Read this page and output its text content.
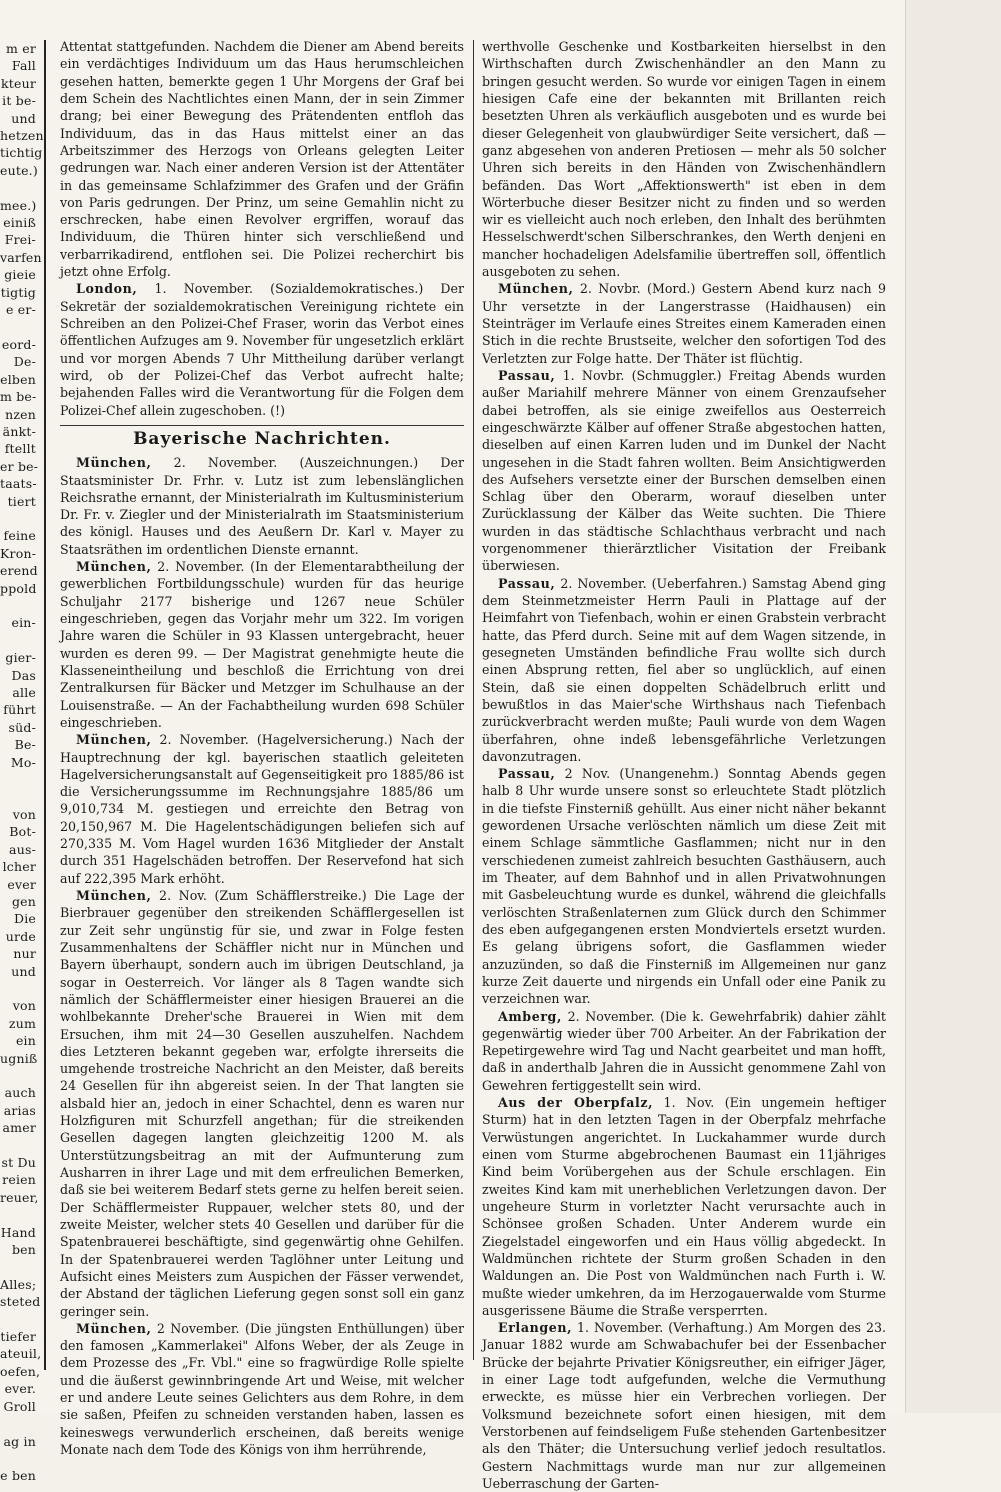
m er
Fall
kteur
it be-
und
hetzen
tichtig
eute.)

mee.)
einiß
Frei-
varfen
gieie
tigtig
e er-

eord-
De-
elben
m be-
nzen
änkt-
ftellt
er be-
taats-
tiert

feine
Kron-
erend
ppold

ein-

gier-
Das
alle
führt
süd-
Be-
Mo-

von
Bot-
aus-
lcher
ever
gen
Die
urde
nur
und

von
zum
ein
ugniß

auch
arias
amer

st Du
reien
reuer,

Hand
ben

Alles;
steted

tiefer
ateuil,
oefen,
ever.
Groll

ag in

e ben

Attentat stattgefunden. Nachdem die Diener am Abend bereits ein verdächtiges Individuum um das Haus herumschleichen gesehen hatten, bemerkte gegen 1 Uhr Morgens der Graf bei dem Schein des Nachtlichtes einen Mann, der in sein Zimmer drang; bei einer Bewegung des Prätendenten entfloh das Individuum, das in das Haus mittelst einer an das Arbeitszimmer des Herzogs von Orleans gelegten Leiter gedrungen war. Nach einer anderen Version ist der Attentäter in das gemeinsame Schlafzimmer des Grafen und der Gräfin von Paris gedrungen. Der Prinz, um seine Gemahlin nicht zu erschrecken, habe einen Revolver ergriffen, worauf das Individuum, die Thüren hinter sich verschließend und verbarrikadirend, entflohen sei. Die Polizei recherchirt bis jetzt ohne Erfolg.

London, 1. November. (Sozialdemokratisches.) Der Sekretär der sozialdemokratischen Vereinigung richtete ein Schreiben an den Polizei-Chef Fraser, worin das Verbot eines öffentlichen Aufzuges am 9. November für ungesetzlich erklärt und vor morgen Abends 7 Uhr Mittheilung darüber verlangt wird, ob der Polizei-Chef das Verbot aufrecht halte; bejahenden Falles wird die Verantwortung für die Folgen dem Polizei-Chef allein zugeschoben. (!)

Bayerische Nachrichten.

München, 2. November. (Auszeichnungen.) Der Staatsminister Dr. Frhr. v. Lutz ist zum lebenslänglichen Reichsrathe ernannt, der Ministerialrath im Kultusministerium Dr. Fr. v. Ziegler und der Ministerialrath im Staatsministerium des königl. Hauses und des Aeußern Dr. Karl v. Mayer zu Staatsräthen im ordentlichen Dienste ernannt.

München, 2. November. (In der Elementarabtheilung der gewerblichen Fortbildungsschule) wurden für das heurige Schuljahr 2177 bisherige und 1267 neue Schüler eingeschrieben, gegen das Vorjahr mehr um 322. Im vorigen Jahre waren die Schüler in 93 Klassen untergebracht, heuer wurden es deren 99. — Der Magistrat genehmigte heute die Klasseneintheilung und beschloß die Errichtung von drei Zentralkursen für Bäcker und Metzger im Schulhause an der Louisenstraße. — An der Fachabtheilung wurden 698 Schüler eingeschrieben.

München, 2. November. (Hagelversicherung.) Nach der Hauptrechnung der kgl. bayerischen staatlich geleiteten Hagelversicherungsanstalt auf Gegenseitigkeit pro 1885/86 ist die Versicherungssumme im Rechnungsjahre 1885/86 um 9,010,734 M. gestiegen und erreichte den Betrag von 20,150,967 M. Die Hagelentschädigungen beliefen sich auf 270,335 M. Vom Hagel wurden 1636 Mitglieder der Anstalt durch 351 Hagelschäden betroffen. Der Reservefond hat sich auf 222,395 Mark erhöht.

München, 2. Nov. (Zum Schäfflerstreike.) Die Lage der Bierbrauer gegenüber den streikenden Schäfflergesellen ist zur Zeit sehr ungünstig für sie, und zwar in Folge festen Zusammenhaltens der Schäffler nicht nur in München und Bayern überhaupt, sondern auch im übrigen Deutschland, ja sogar in Oesterreich. Vor länger als 8 Tagen wandte sich nämlich der Schäfflermeister einer hiesigen Brauerei an die wohlbekannte Dreher'sche Brauerei in Wien mit dem Ersuchen, ihm mit 24—30 Gesellen auszuhelfen. Nachdem dies Letzteren bekannt gegeben war, erfolgte ihrerseits die umgehende trostreiche Nachricht an den Meister, daß bereits 24 Gesellen für ihn abgereist seien. In der That langten sie alsbald hier an, jedoch in einer Schachtel, denn es waren nur Holzfiguren mit Schurzfell angethan; für die streikenden Gesellen dagegen langten gleichzeitig 1200 M. als Unterstützungsbeitrag an mit der Aufmunterung zum Ausharren in ihrer Lage und mit dem erfreulichen Bemerken, daß sie bei weiterem Bedarf stets gerne zu helfen bereit seien. Der Schäfflermeister Ruppauer, welcher stets 80, und der zweite Meister, welcher stets 40 Gesellen und darüber für die Spatenbrauerei beschäftigte, sind gegenwärtig ohne Gehilfen. In der Spatenbrauerei werden Taglöhner unter Leitung und Aufsicht eines Meisters zum Auspichen der Fässer verwendet, der Abstand der täglichen Lieferung gegen sonst soll ein ganz geringer sein.

München, 2 November. (Die jüngsten Enthüllungen) über den famosen „Kammerlakei" Alfons Weber, der als Zeuge in dem Prozesse des „Fr. Vbl." eine so fragwürdige Rolle spielte und die äußerst gewinnbringende Art und Weise, mit welcher er und andere Leute seines Gelichters aus dem Rohre, in dem sie saßen, Pfeifen zu schneiden verstanden haben, lassen es keineswegs verwunderlich erscheinen, daß bereits wenige Monate nach dem Tode des Königs von ihm herrührende,

werthvolle Geschenke und Kostbarkeiten hierselbst in den Wirthschaften durch Zwischenhändler an den Mann zu bringen gesucht werden. So wurde vor einigen Tagen in einem hiesigen Cafe eine der bekannten mit Brillanten reich besetzten Uhren als verkäuflich ausgeboten und es wurde bei dieser Gelegenheit von glaubwürdiger Seite versichert, daß — ganz abgesehen von anderen Pretiosen — mehr als 50 solcher Uhren sich bereits in den Händen von Zwischenhändlern befänden. Das Wort „Affektionswerth" ist eben in dem Wörterbuche dieser Besitzer nicht zu finden und so werden wir es vielleicht auch noch erleben, den Inhalt des berühmten Hesselschwerdt'schen Silberschrankes, den Werth denjeni en mancher hochadeligen Adelsfamilie übertreffen soll, öffentlich ausgeboten zu sehen.

München, 2. Novbr. (Mord.) Gestern Abend kurz nach 9 Uhr versetzte in der Langerstrasse (Haidhausen) ein Steinträger im Verlaufe eines Streites einem Kameraden einen Stich in die rechte Brustseite, welcher den sofortigen Tod des Verletzten zur Folge hatte. Der Thäter ist flüchtig.

Passau, 1. Novbr. (Schmuggler.) Freitag Abends wurden außer Mariahilf mehrere Männer von einem Grenzaufseher dabei betroffen, als sie einige zweifellos aus Oesterreich eingeschwärzte Kälber auf offener Straße abgestochen hatten, dieselben auf einen Karren luden und im Dunkel der Nacht ungesehen in die Stadt fahren wollten. Beim Ansichtigwerden des Aufsehers versetzte einer der Burschen demselben einen Schlag über den Oberarm, worauf dieselben unter Zurücklassung der Kälber das Weite suchten. Die Thiere wurden in das städtische Schlachthaus verbracht und nach vorgenommener thierärztlicher Visitation der Freibank überwiesen.

Passau, 2. November. (Ueberfahren.) Samstag Abend ging dem Steinmetzmeister Herrn Pauli in Plattage auf der Heimfahrt von Tiefenbach, wohin er einen Grabstein verbracht hatte, das Pferd durch. Seine mit auf dem Wagen sitzende, in gesegneten Umständen befindliche Frau wollte sich durch einen Absprung retten, fiel aber so unglücklich, auf einen Stein, daß sie einen doppelten Schädelbruch erlitt und bewußtlos in das Maier'sche Wirthshaus nach Tiefenbach zurückverbracht werden mußte; Pauli wurde von dem Wagen überfahren, ohne indeß lebensgefährliche Verletzungen davonzutragen.

Passau, 2 Nov. (Unangenehm.) Sonntag Abends gegen halb 8 Uhr wurde unsere sonst so erleuchtete Stadt plötzlich in die tiefste Finsterniß gehüllt. Aus einer nicht näher bekannt gewordenen Ursache verlöschten nämlich um diese Zeit mit einem Schlage sämmtliche Gasflammen; nicht nur in den verschiedenen zumeist zahlreich besuchten Gasthäusern, auch im Theater, auf dem Bahnhof und in allen Privatwohnungen mit Gasbeleuchtung wurde es dunkel, während die gleichfalls verlöschten Straßenlaternen zum Glück durch den Schimmer des eben aufgegangenen ersten Mondviertels ersetzt wurden. Es gelang übrigens sofort, die Gasflammen wieder anzuzünden, so daß die Finsterniß im Allgemeinen nur ganz kurze Zeit dauerte und nirgends ein Unfall oder eine Panik zu verzeichnen war.

Amberg, 2. November. (Die k. Gewehrfabrik) dahier zählt gegenwärtig wieder über 700 Arbeiter. An der Fabrikation der Repetirgewehre wird Tag und Nacht gearbeitet und man hofft, daß in anderthalb Jahren die in Aussicht genommene Zahl von Gewehren fertiggestellt sein wird.

Aus der Oberpfalz, 1. Nov. (Ein ungemein heftiger Sturm) hat in den letzten Tagen in der Oberpfalz mehrfache Verwüstungen angerichtet. In Luckahammer wurde durch einen vom Sturme abgebrochenen Baumast ein 11jähriges Kind beim Vorübergehen aus der Schule erschlagen. Ein zweites Kind kam mit unerheblichen Verletzungen davon. Der ungeheure Sturm in vorletzter Nacht verursachte auch in Schönsee großen Schaden. Unter Anderem wurde ein Ziegelstadel eingeworfen und ein Haus völlig abgedeckt. In Waldmünchen richtete der Sturm großen Schaden in den Waldungen an. Die Post von Waldmünchen nach Furth i. W. mußte wieder umkehren, da im Herzogauerwalde vom Sturme ausgerissene Bäume die Straße versperrten.

Erlangen, 1. November. (Verhaftung.) Am Morgen des 23. Januar 1882 wurde am Schwabachufer bei der Essenbacher Brücke der bejahrte Privatier Königsreuther, ein eifriger Jäger, in einer Lage todt aufgefunden, welche die Vermuthung erweckte, es müsse hier ein Verbrechen vorliegen. Der Volksmund bezeichnete sofort einen hiesigen, mit dem Verstorbenen auf feindseligem Fuße stehenden Gartenbesitzer als den Thäter; die Untersuchung verlief jedoch resultatlos. Gestern Nachmittags wurde man nur zur allgemeinen Ueberraschung der Garten-
